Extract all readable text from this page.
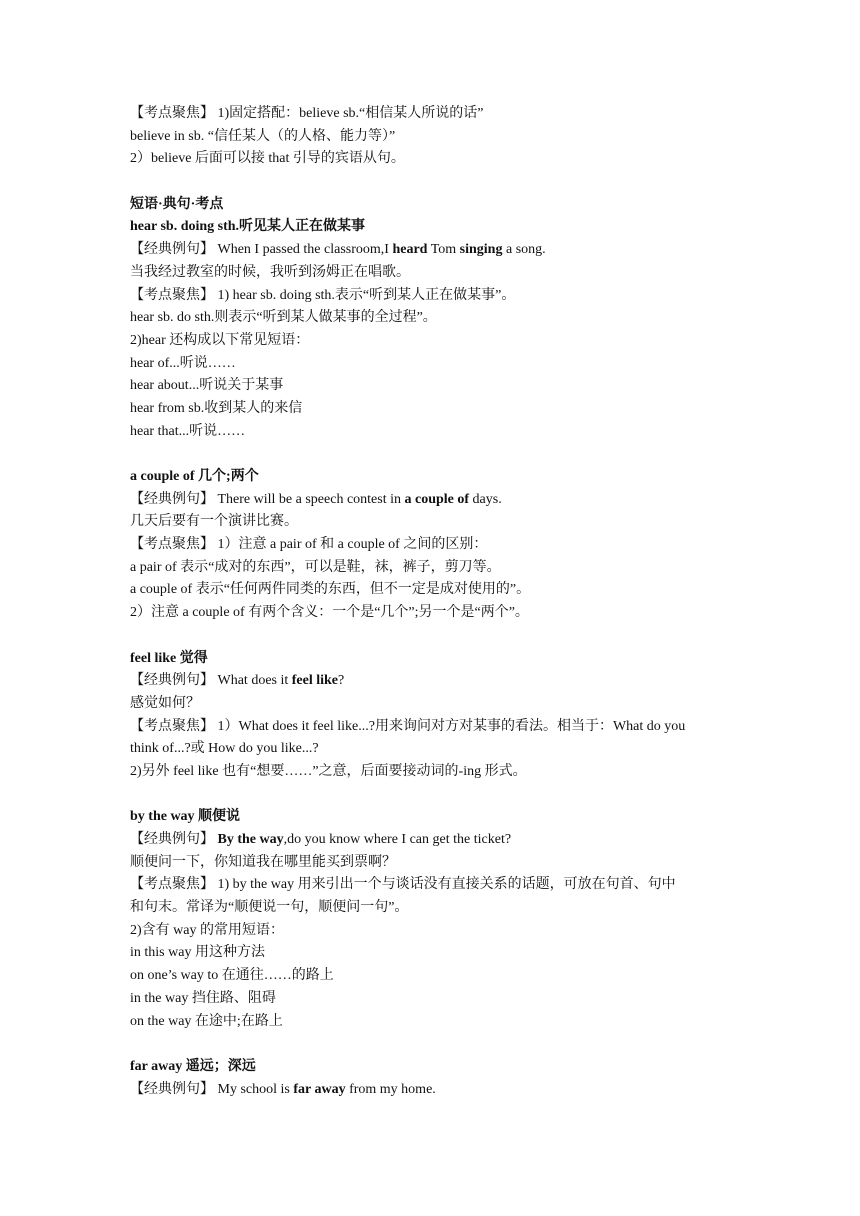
【考点聚焦】 1)固定搭配：believe sb.“相信某人所说的话”
believe in sb. “信任某人（的人格、能力等）”
2）believe 后面可以接 that 引导的宾语从句。
短语·典句·考点
hear sb. doing sth.听见某人正在做某事
【经典例句】 When I passed the classroom,I heard Tom singing a song.
当我经过教室的时候，我听到汤姆正在唱歌。
【考点聚焦】 1) hear sb. doing sth.表示“听到某人正在做某事”。
hear sb. do sth.则表示“听到某人做某事的全过程”。
2)hear 还构成以下常见短语：
hear of...听说……
hear about...听说关于某事
hear from sb.收到某人的来信
hear that...听说……
a couple of 几个;两个
【经典例句】 There will be a speech contest in a couple of days.
几天后要有一个演讲比赛。
【考点聚焦】 1）注意 a pair of 和 a couple of 之间的区别：
a pair of 表示“成对的东西”，可以是鞋，袜，裤子，剪刀等。
a couple of 表示“任何两件同类的东西，但不一定是成对使用的”。
2）注意 a couple of 有两个含义：一个是“几个”;另一个是“两个”。
feel like 觉得
【经典例句】 What does it feel like?
感觉如何？
【考点聚焦】 1）What does it feel like...?用来询问对方对某事的看法。相当于：What do you
think of...?或 How do you like...?
2)另外 feel like 也有“想要……”之意，后面要接动词的-ing 形式。
by the way 顺便说
【经典例句】 By the way,do you know where I can get the ticket?
顺便问一下，你知道我在哪里能买到票啊？
【考点聚焦】 1) by the way 用来引出一个与谈话没有直接关系的话题，可放在句首、句中
和句末。常译为“顺便说一句，顺便问一句”。
2)含有 way 的常用短语：
in this way 用这种方法
on one’s way to 在通往……的路上
in the way 挡住路、阻碍
on the way 在途中;在路上
far away 遥远；深远
【经典例句】 My school is far away from my home.
